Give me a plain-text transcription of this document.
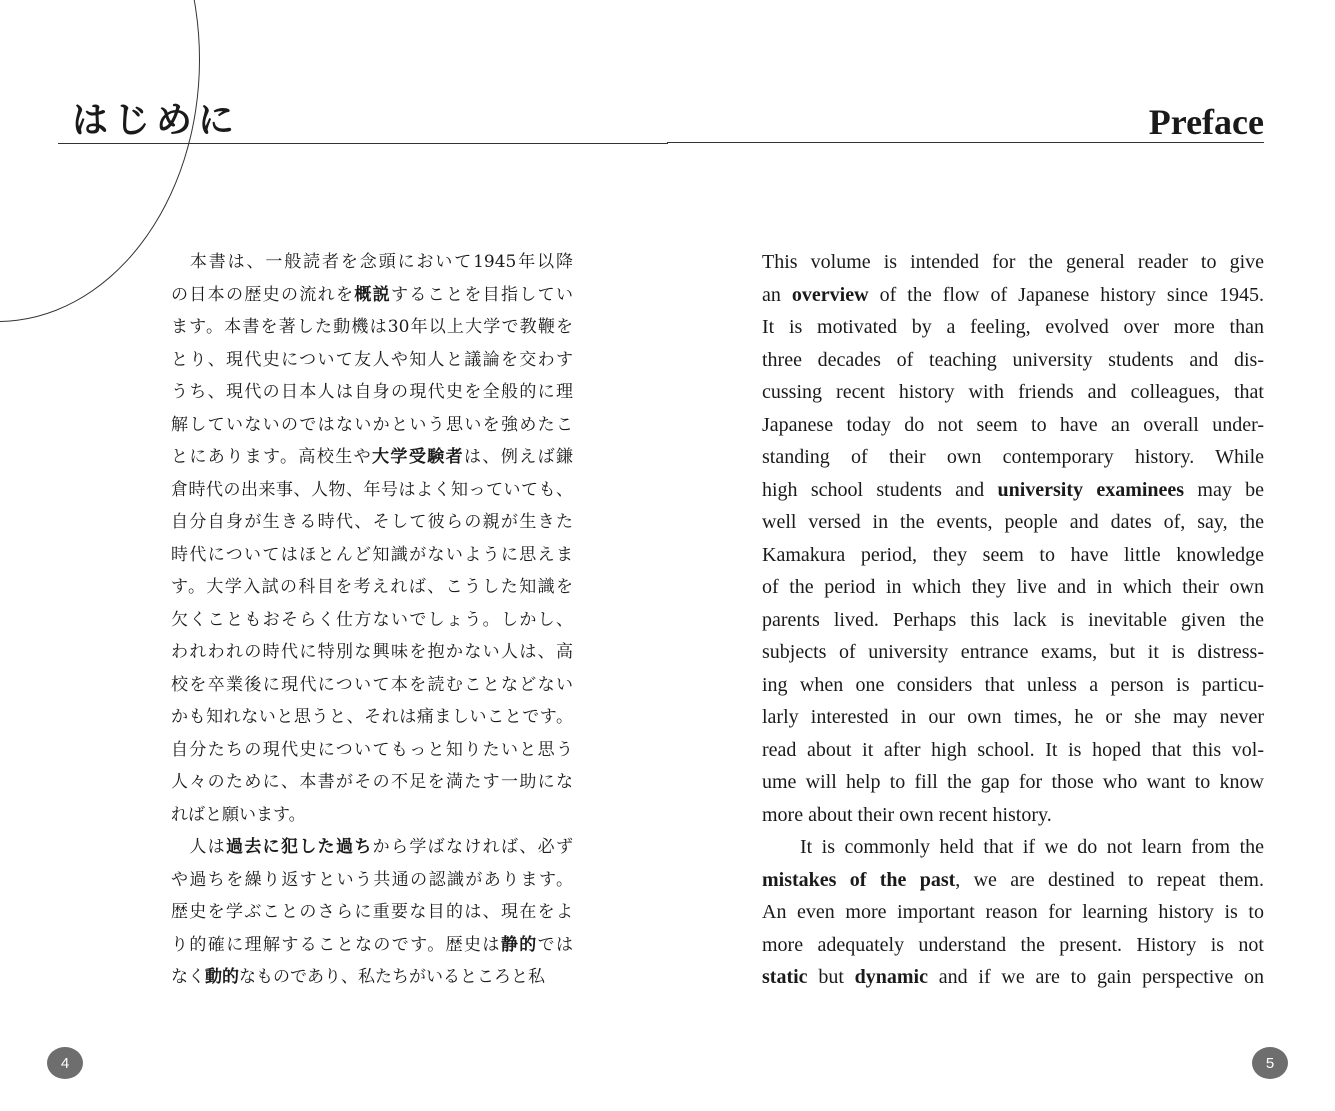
はじめに	Preface
　本書は、一般読者を念頭において1945年以降
の日本の歴史の流れを概説することを目指してい
ます。本書を著した動機は30年以上大学で教鞭を
とり、現代史について友人や知人と議論を交わす
うち、現代の日本人は自身の現代史を全般的に理
解していないのではないかという思いを強めたこ
とにあります。高校生や大学受験者は、例えば鎌
倉時代の出来事、人物、年号はよく知っていても、
自分自身が生きる時代、そして彼らの親が生きた
時代についてはほとんど知識がないように思えま
す。大学入試の科目を考えれば、こうした知識を
欠くこともおそらく仕方ないでしょう。しかし、
われわれの時代に特別な興味を抱かない人は、高
校を卒業後に現代について本を読むことなどない
かも知れないと思うと、それは痛ましいことです。
自分たちの現代史についてもっと知りたいと思う
人々のために、本書がその不足を満たす一助にな
ればと願います。
　人は過去に犯した過ちから学ばなければ、必ず
や過ちを繰り返すという共通の認識があります。
歴史を学ぶことのさらに重要な目的は、現在をよ
り的確に理解することなのです。歴史は静的では
なく動的なものであり、私たちがいるところと私
This volume is intended for the general reader to give
an overview of the flow of Japanese history since 1945.
It is motivated by a feeling, evolved over more than
three decades of teaching university students and dis-
cussing recent history with friends and colleagues, that
Japanese today do not seem to have an overall under-
standing of their own contemporary history. While
high school students and university examinees may be
well versed in the events, people and dates of, say, the
Kamakura period, they seem to have little knowledge
of the period in which they live and in which their own
parents lived. Perhaps this lack is inevitable given the
subjects of university entrance exams, but it is distress-
ing when one considers that unless a person is particu-
larly interested in our own times, he or she may never
read about it after high school. It is hoped that this vol-
ume will help to fill the gap for those who want to know
more about their own recent history.
It is commonly held that if we do not learn from the
mistakes of the past, we are destined to repeat them.
An even more important reason for learning history is to
more adequately understand the present. History is not
static but dynamic and if we are to gain perspective on
4	5
